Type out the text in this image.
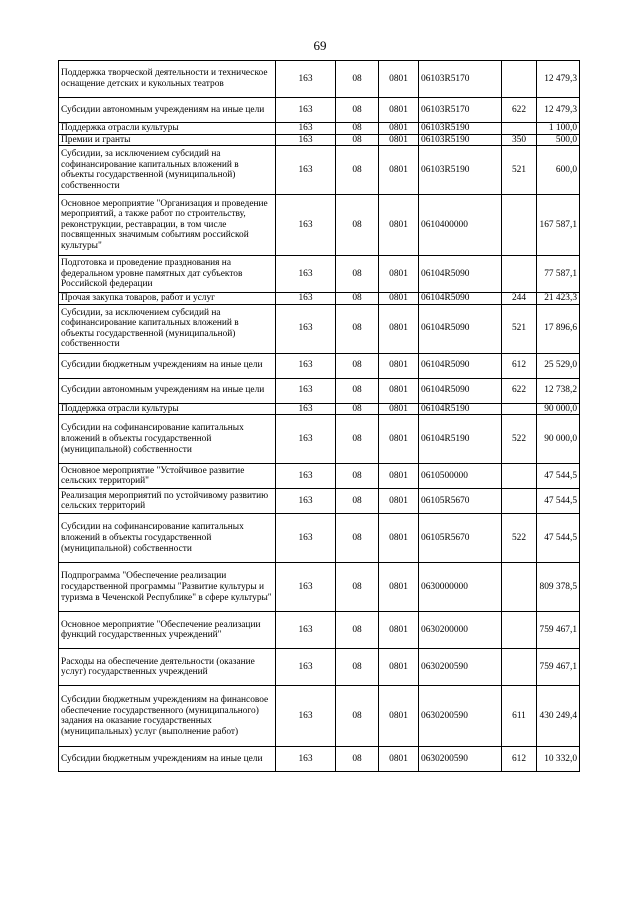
69
Поддержка творческой деятельности и техническое оснащение детских и кукольных театров	163	08	0801	06103R5170		12 479,3
Субсидии автономным учреждениям на иные цели	163	08	0801	06103R5170	622	12 479,3
Поддержка отрасли культуры	163	08	0801	06103R5190		1 100,0
Премии и гранты	163	08	0801	06103R5190	350	500,0
Субсидии, за исключением субсидий на софинансирование капитальных вложений в объекты государственной (муниципальной) собственности	163	08	0801	06103R5190	521	600,0
Основное мероприятие "Организация и проведение мероприятий, а также работ по строительству, реконструкции, реставрации, в том числе посвященных значимым событиям российской культуры"	163	08	0801	0610400000		167 587,1
Подготовка и проведение празднования на федеральном уровне памятных дат субъектов Российской федерации	163	08	0801	06104R5090		77 587,1
Прочая закупка товаров, работ и услуг	163	08	0801	06104R5090	244	21 423,3
Субсидии, за исключением субсидий на софинансирование капитальных вложений в объекты государственной (муниципальной) собственности	163	08	0801	06104R5090	521	17 896,6
Субсидии бюджетным учреждениям на иные цели	163	08	0801	06104R5090	612	25 529,0
Субсидии автономным учреждениям на иные цели	163	08	0801	06104R5090	622	12 738,2
Поддержка отрасли культуры	163	08	0801	06104R5190		90 000,0
Субсидии на софинансирование капитальных вложений в объекты государственной (муниципальной) собственности	163	08	0801	06104R5190	522	90 000,0
Основное мероприятие "Устойчивое развитие сельских территорий"	163	08	0801	0610500000		47 544,5
Реализация мероприятий по устойчивому развитию сельских территорий	163	08	0801	06105R5670		47 544,5
Субсидии на софинансирование капитальных вложений в объекты государственной (муниципальной) собственности	163	08	0801	06105R5670	522	47 544,5
Подпрограмма "Обеспечение реализации государственной программы "Развитие культуры и туризма в Чеченской Республике" в сфере культуры"	163	08	0801	0630000000		809 378,5
Основное мероприятие "Обеспечение реализации функций государственных учреждений"	163	08	0801	0630200000		759 467,1
Расходы на обеспечение деятельности (оказание услуг) государственных учреждений	163	08	0801	0630200590		759 467,1
Субсидии бюджетным учреждениям на финансовое обеспечение государственного (муниципального) задания на оказание государственных (муниципальных) услуг (выполнение работ)	163	08	0801	0630200590	611	430 249,4
Субсидии бюджетным учреждениям на иные цели	163	08	0801	0630200590	612	10 332,0
